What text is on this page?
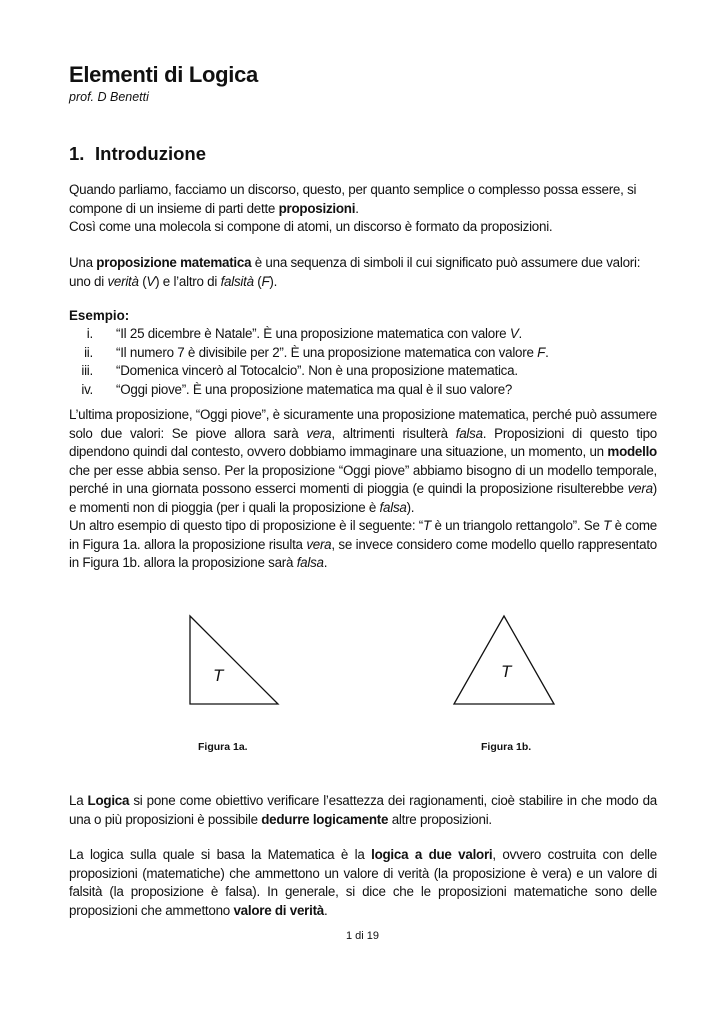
Elementi di Logica
prof. D Benetti
1. Introduzione
Quando parliamo, facciamo un discorso, questo, per quanto semplice o complesso possa essere, si compone di un insieme di parti dette proposizioni.
Così come una molecola si compone di atomi, un discorso è formato da proposizioni.
Una proposizione matematica è una sequenza di simboli il cui significato può assumere due valori: uno di verità (V) e l’altro di falsità (F).
Esempio:
i. “Il 25 dicembre è Natale”. È una proposizione matematica con valore V.
ii. “Il numero 7 è divisibile per 2”. È una proposizione matematica con valore F.
iii. “Domenica vincerò al Totocalcio”. Non è una proposizione matematica.
iv. “Oggi piove”. È una proposizione matematica ma qual è il suo valore?
L’ultima proposizione, “Oggi piove”, è sicuramente una proposizione matematica, perché può assumere solo due valori: Se piove allora sarà vera, altrimenti risulterà falsa. Proposizioni di questo tipo dipendono quindi dal contesto, ovvero dobbiamo immaginare una situazione, un momento, un modello che per esse abbia senso. Per la proposizione “Oggi piove” abbiamo bisogno di un modello temporale, perché in una giornata possono esserci momenti di pioggia (e quindi la proposizione risulterebbe vera) e momenti non di pioggia (per i quali la proposizione è falsa).
Un altro esempio di questo tipo di proposizione è il seguente: “T è un triangolo rettangolo”. Se T è come in Figura 1a. allora la proposizione risulta vera, se invece considero come modello quello rappresentato in Figura 1b. allora la proposizione sarà falsa.
T
Figura 1a.
T
Figura 1b.
La Logica si pone come obiettivo verificare l’esattezza dei ragionamenti, cioè stabilire in che modo da una o più proposizioni è possibile dedurre logicamente altre proposizioni.
La logica sulla quale si basa la Matematica è la logica a due valori, ovvero costruita con delle proposizioni (matematiche) che ammettono un valore di verità (la proposizione è vera) e un valore di falsità (la proposizione è falsa). In generale, si dice che le proposizioni matematiche sono delle proposizioni che ammettono valore di verità.
1 di 19
